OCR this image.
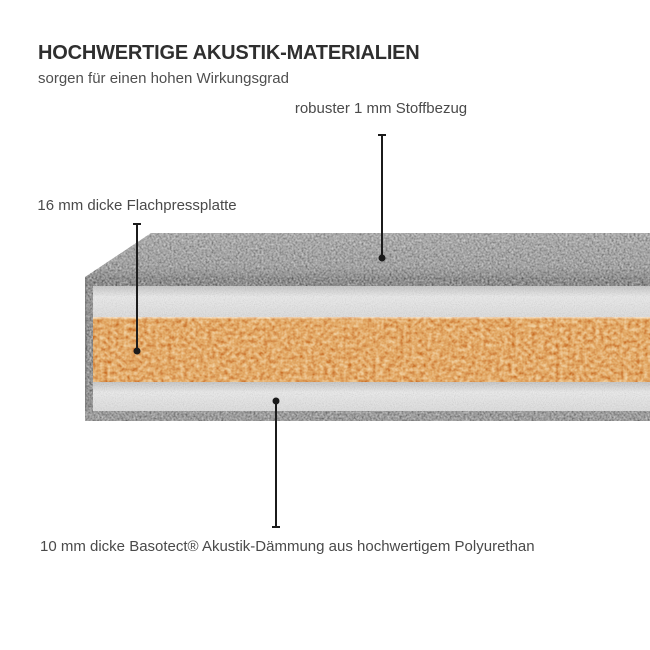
HOCHWERTIGE AKUSTIK-MATERIALIEN
sorgen für einen hohen Wirkungsgrad
robuster 1 mm Stoffbezug
16 mm dicke Flachpressplatte
10 mm dicke Basotect® Akustik-Dämmung aus hochwertigem Polyurethan
